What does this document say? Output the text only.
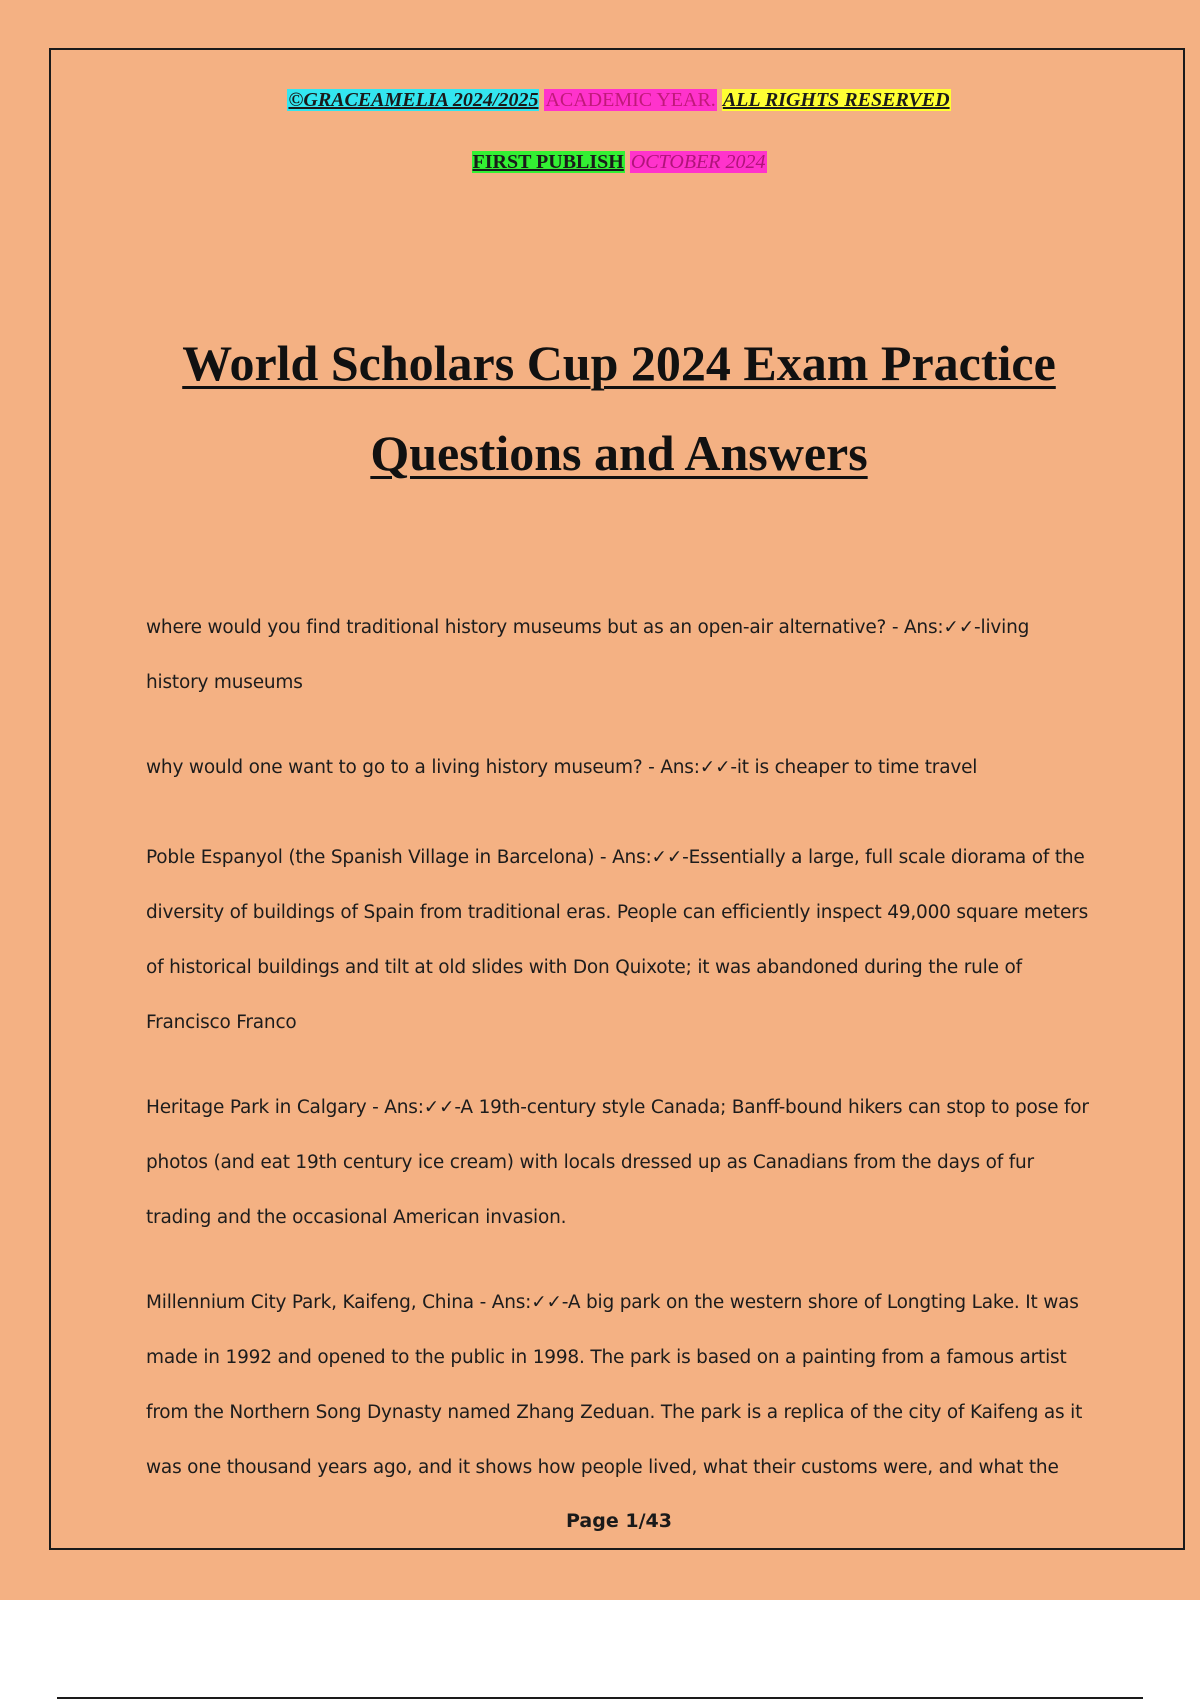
©GRACEAMELIA 2024/2025 ACADEMIC YEAR. ALL RIGHTS RESERVED
FIRST PUBLISH OCTOBER 2024
World Scholars Cup 2024 Exam Practice
Questions and Answers
where would you find traditional history museums but as an open-air alternative? - Ans:✓✓-living history museums
why would one want to go to a living history museum? - Ans:✓✓-it is cheaper to time travel
Poble Espanyol (the Spanish Village in Barcelona) - Ans:✓✓-Essentially a large, full scale diorama of the diversity of buildings of Spain from traditional eras. People can efficiently inspect 49,000 square meters of historical buildings and tilt at old slides with Don Quixote; it was abandoned during the rule of Francisco Franco
Heritage Park in Calgary - Ans:✓✓-A 19th-century style Canada; Banff-bound hikers can stop to pose for photos (and eat 19th century ice cream) with locals dressed up as Canadians from the days of fur trading and the occasional American invasion.
Millennium City Park, Kaifeng, China - Ans:✓✓-A big park on the western shore of Longting Lake. It was made in 1992 and opened to the public in 1998. The park is based on a painting from a famous artist from the Northern Song Dynasty named Zhang Zeduan. The park is a replica of the city of Kaifeng as it was one thousand years ago, and it shows how people lived, what their customs were, and what the
Page 1/43
